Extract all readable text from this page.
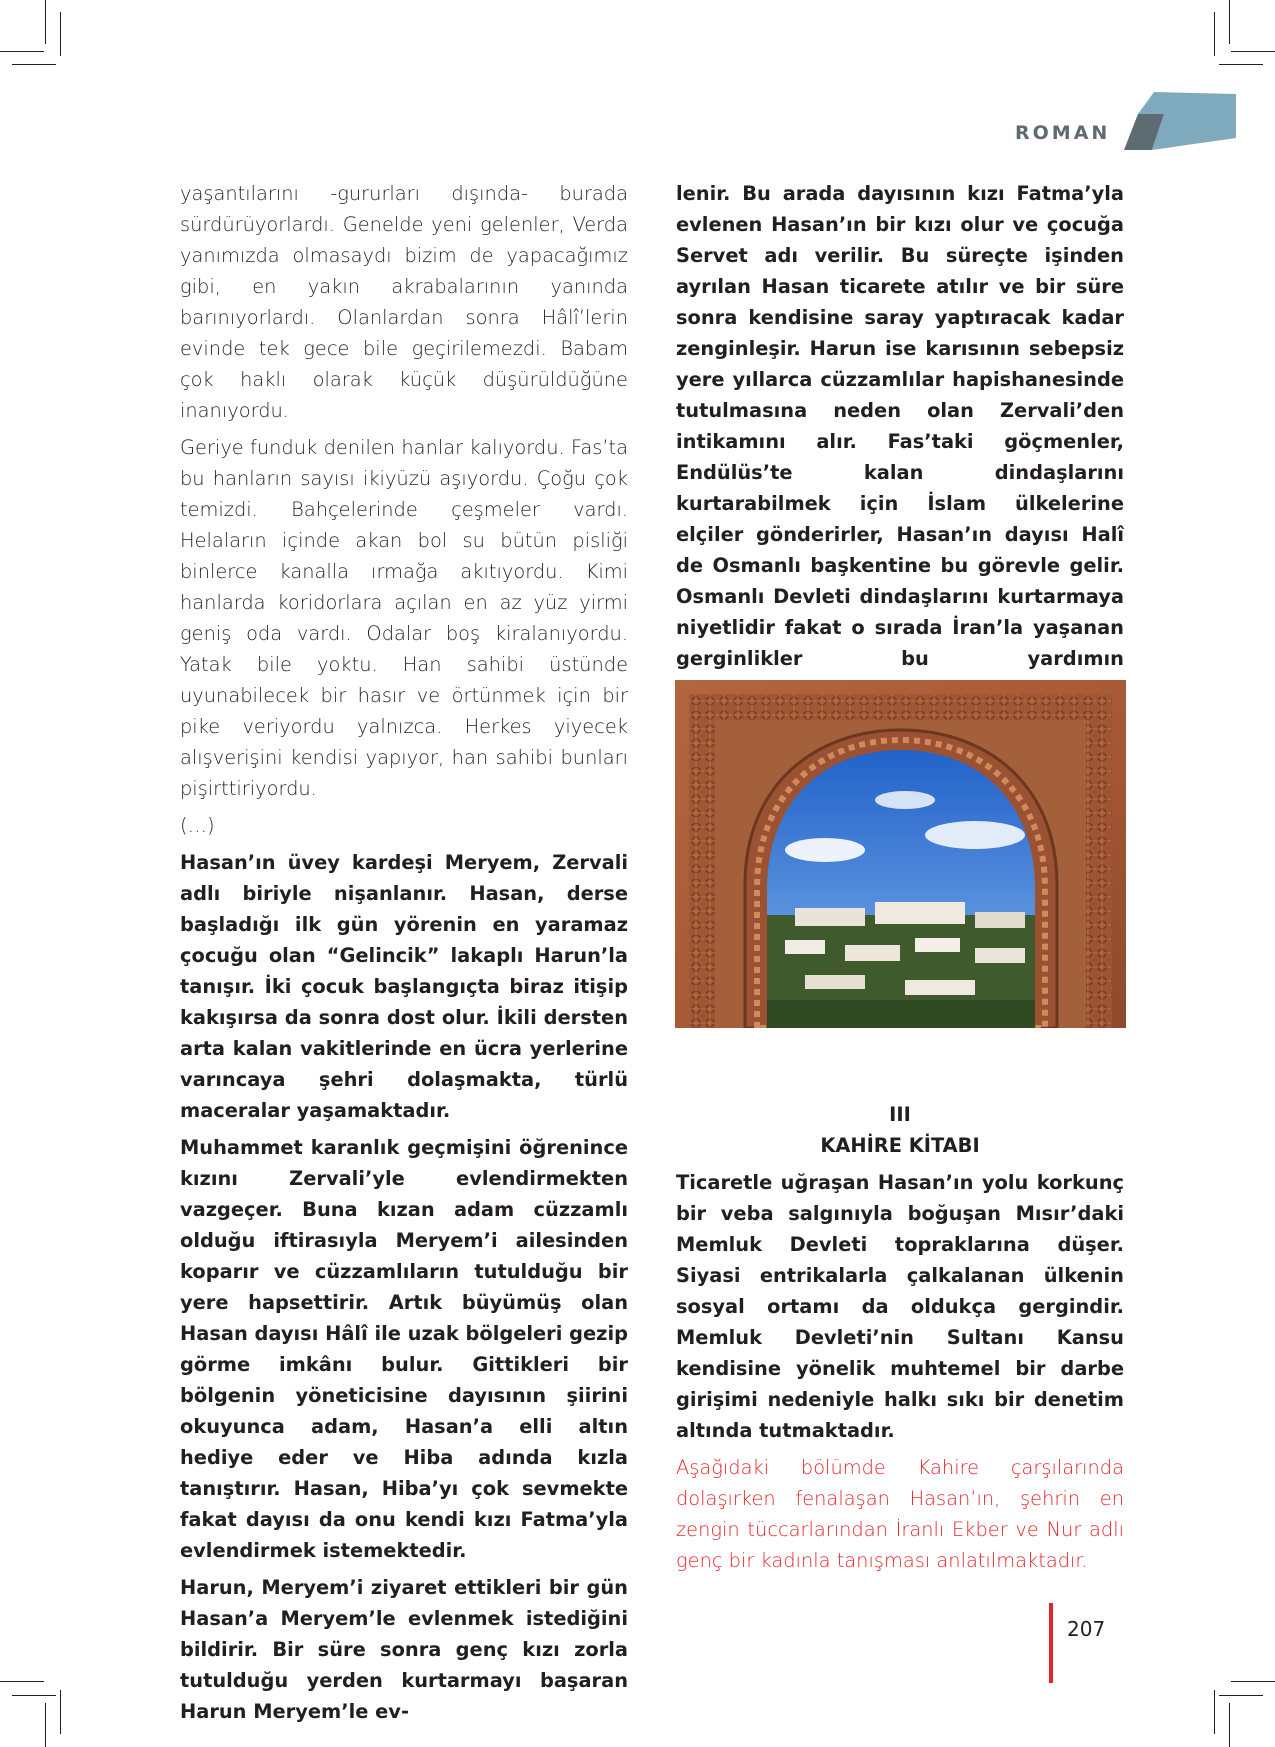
ROMAN

yaşantılarını -gururları dışında- burada sürdürüyorlardı. Genelde yeni gelenler, Verda yanımızda olmasaydı bizim de yapacağımız gibi, en yakın akrabalarının yanında barınıyorlardı. Olanlardan sonra Hâlî’lerin evinde tek gece bile geçirilemezdi. Babam çok haklı olarak küçük düşürüldüğüne inanıyordu.

Geriye funduk denilen hanlar kalıyordu. Fas’ta bu hanların sayısı ikiyüzü aşıyordu. Çoğu çok temizdi. Bahçelerinde çeşmeler vardı. Helaların içinde akan bol su bütün pisliği binlerce kanalla ırmağa akıtıyordu. Kimi hanlarda koridorlara açılan en az yüz yirmi geniş oda vardı. Odalar boş kiralanıyordu. Yatak bile yoktu. Han sahibi üstünde uyunabilecek bir hasır ve örtünmek için bir pike veriyordu yalnızca. Herkes yiyecek alışverişini kendisi yapıyor, han sahibi bunları pişirttiriyordu.

(…)

Hasan’ın üvey kardeşi Meryem, Zervali adlı biriyle nişanlanır. Hasan, derse başladığı ilk gün yörenin en yaramaz çocuğu olan “Gelincik” lakaplı Harun’la tanışır. İki çocuk başlangıçta biraz itişip kakışırsa da sonra dost olur. İkili dersten arta kalan vakitlerinde en ücra yerlerine varıncaya şehri dolaşmakta, türlü maceralar yaşamaktadır.

Muhammet karanlık geçmişini öğrenince kızını Zervali’yle evlendirmekten vazgeçer. Buna kızan adam cüzzamlı olduğu iftirasıyla Meryem’i ailesinden koparır ve cüzzamlıların tutulduğu bir yere hapsettirir. Artık büyümüş olan Hasan dayısı Hâlî ile uzak bölgeleri gezip görme imkânı bulur. Gittikleri bir bölgenin yöneticisine dayısının şiirini okuyunca adam, Hasan’a elli altın hediye eder ve Hiba adında kızla tanıştırır. Hasan, Hiba’yı çok sevmekte fakat dayısı da onu kendi kızı Fatma’yla evlendirmek istemektedir.

Harun, Meryem’i ziyaret ettikleri bir gün Hasan’a Meryem’le evlenmek istediğini bildirir. Bir süre sonra genç kızı zorla tutulduğu yerden kurtarmayı başaran Harun Meryem’le ev-

lenir. Bu arada dayısının kızı Fatma’yla evlenen Hasan’ın bir kızı olur ve çocuğa Servet adı verilir. Bu süreçte işinden ayrılan Hasan ticarete atılır ve bir süre sonra kendisine saray yaptıracak kadar zenginleşir. Harun ise karısının sebepsiz yere yıllarca cüzzamlılar hapishanesinde tutulmasına neden olan Zervali’den intikamını alır. Fas’taki göçmenler, Endülüs’te kalan dindaşlarını kurtarabilmek için İslam ülkelerine elçiler gönderirler, Hasan’ın dayısı Halî de Osmanlı başkentine bu görevle gelir. Osmanlı Devleti dindaşlarını kurtarmaya niyetlidir fakat o sırada İran’la yaşanan gerginlikler bu yardımın

III
KAHİRE KİTABI

Ticaretle uğraşan Hasan’ın yolu korkunç bir veba salgınıyla boğuşan Mısır’daki Memluk Devleti topraklarına düşer. Siyasi entrikalarla çalkalanan ülkenin sosyal ortamı da oldukça gergindir. Memluk Devleti’nin Sultanı Kansu kendisine yönelik muhtemel bir darbe girişimi nedeniyle halkı sıkı bir denetim altında tutmaktadır.

Aşağıdaki bölümde Kahire çarşılarında dolaşırken fenalaşan Hasan’ın, şehrin en zengin tüccarlarından İranlı Ekber ve Nur adlı genç bir kadınla tanışması anlatılmaktadır.

207
